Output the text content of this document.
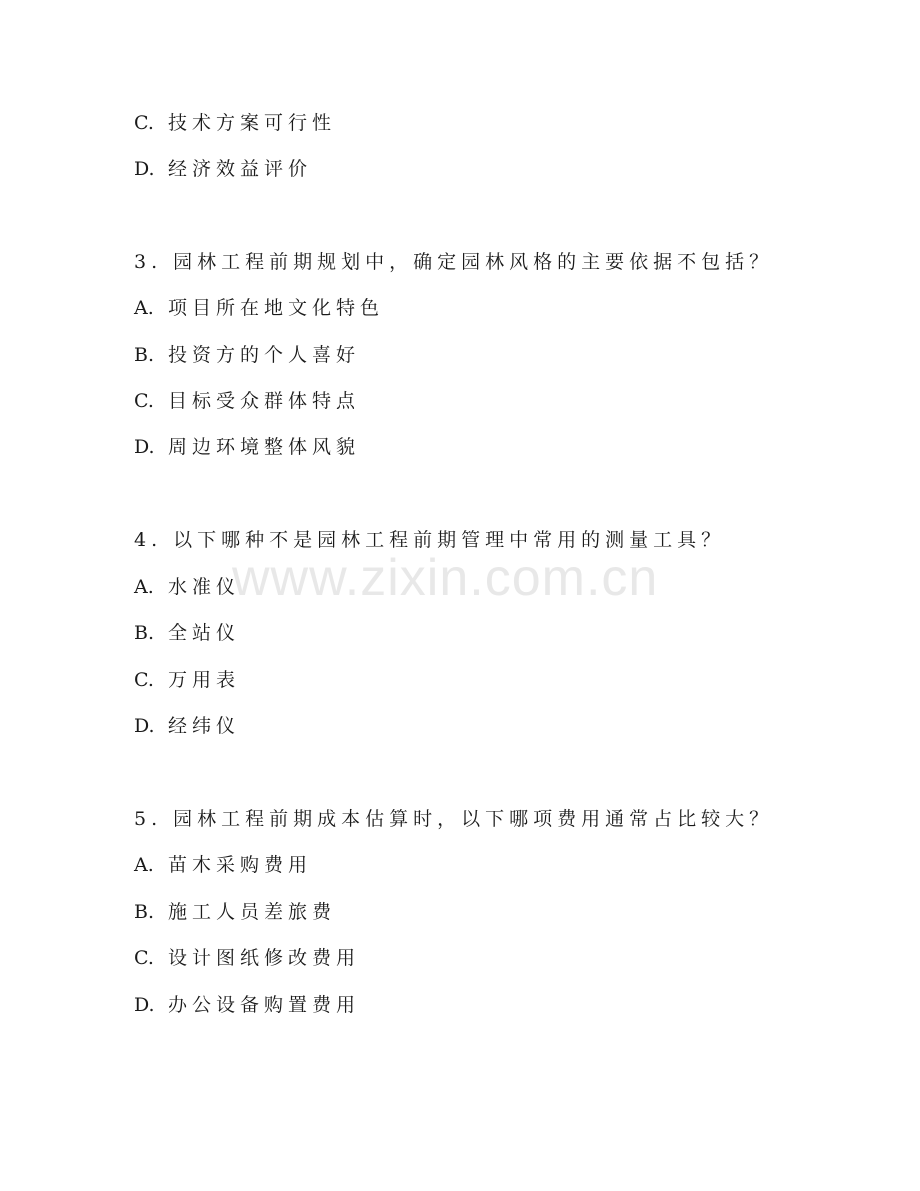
www.zixin.com.cn
C. 技术方案可行性
D. 经济效益评价
3. 园林工程前期规划中，确定园林风格的主要依据不包括？
A. 项目所在地文化特色
B. 投资方的个人喜好
C. 目标受众群体特点
D. 周边环境整体风貌
4. 以下哪种不是园林工程前期管理中常用的测量工具？
A. 水准仪
B. 全站仪
C. 万用表
D. 经纬仪
5. 园林工程前期成本估算时，以下哪项费用通常占比较大？
A. 苗木采购费用
B. 施工人员差旅费
C. 设计图纸修改费用
D. 办公设备购置费用
